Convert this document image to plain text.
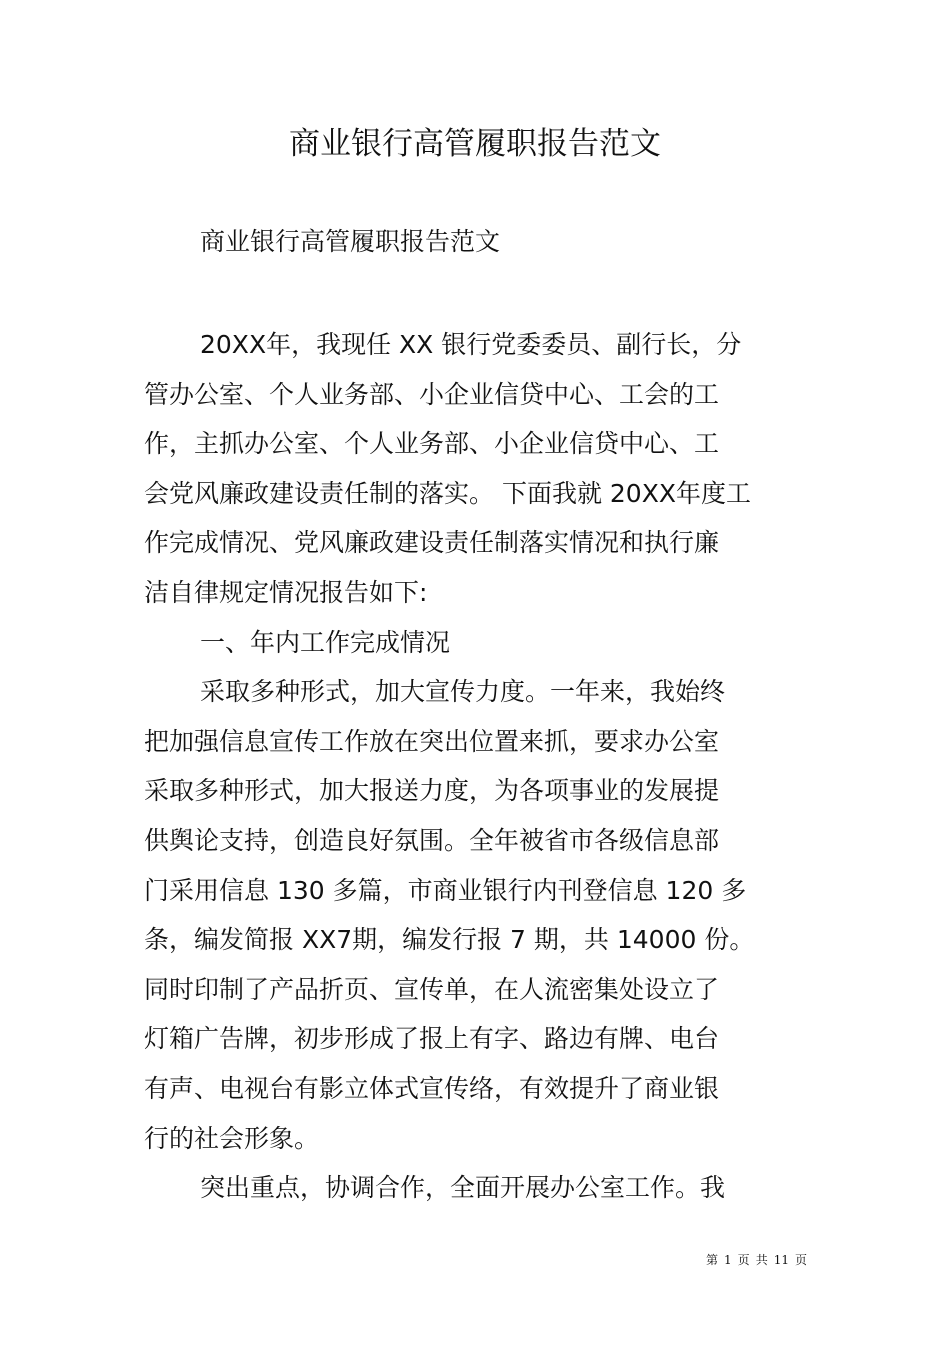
商业银行高管履职报告范文
商业银行高管履职报告范文
20XX年，我现任 XX 银行党委委员、副行长，分
管办公室、个人业务部、小企业信贷中心、工会的工
作，主抓办公室、个人业务部、小企业信贷中心、工
会党风廉政建设责任制的落实。 下面我就 20XX年度工
作完成情况、党风廉政建设责任制落实情况和执行廉
洁自律规定情况报告如下:
一、年内工作完成情况
采取多种形式，加大宣传力度。一年来，我始终
把加强信息宣传工作放在突出位置来抓，要求办公室
采取多种形式，加大报送力度，为各项事业的发展提
供舆论支持，创造良好氛围。全年被省市各级信息部
门采用信息 130 多篇，市商业银行内刊登信息 120 多
条，编发简报 XX7期，编发行报 7 期，共 14000 份。
同时印制了产品折页、宣传单，在人流密集处设立了
灯箱广告牌，初步形成了报上有字、路边有牌、电台
有声、电视台有影立体式宣传络，有效提升了商业银
行的社会形象。
突出重点，协调合作，全面开展办公室工作。我
第 1 页 共 11 页
